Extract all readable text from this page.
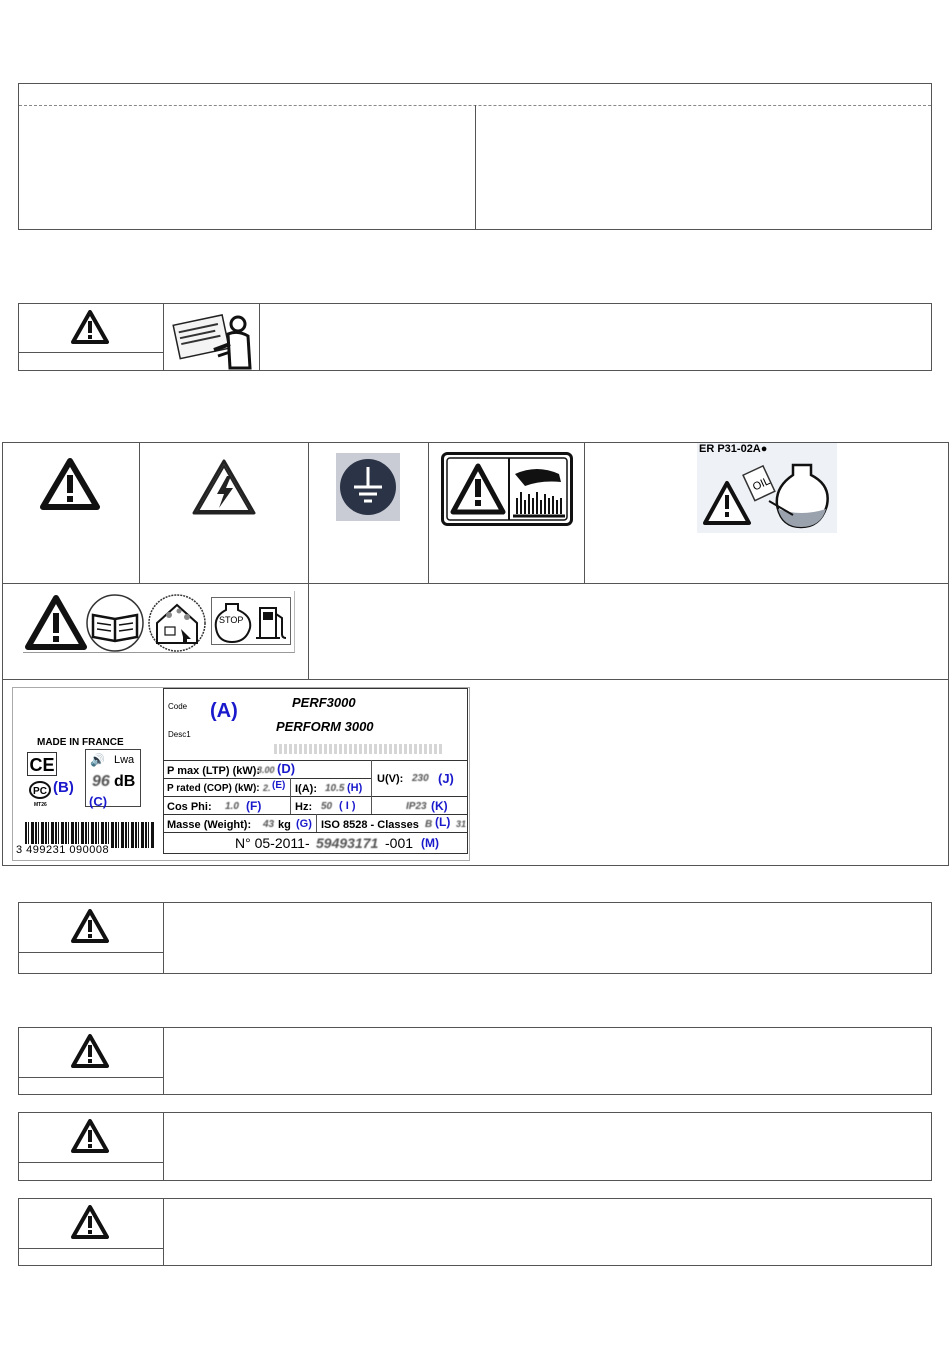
ER P31-02A●
OIL
STOP
MADE IN FRANCE
CE
PC
MT26
🔊 Lwa
96 dB
(B)
(C)
3 499231 090008
Code
Desc1
(A)	PERF3000
PERFORM 3000
P max (LTP) (kW):
3.00 (D)
P rated (COP) (kW): 2. (E) I(A): 10.5 (H)
U(V): 230 (J)
Cos Phi: 1.0 (F)	Hz: 50 ( I )	IP23 (K)
Masse (Weight): 43 kg (G) ISO 8528 - Classes B (L) 31
N° 05-2011- 59493171 -001 (M)
